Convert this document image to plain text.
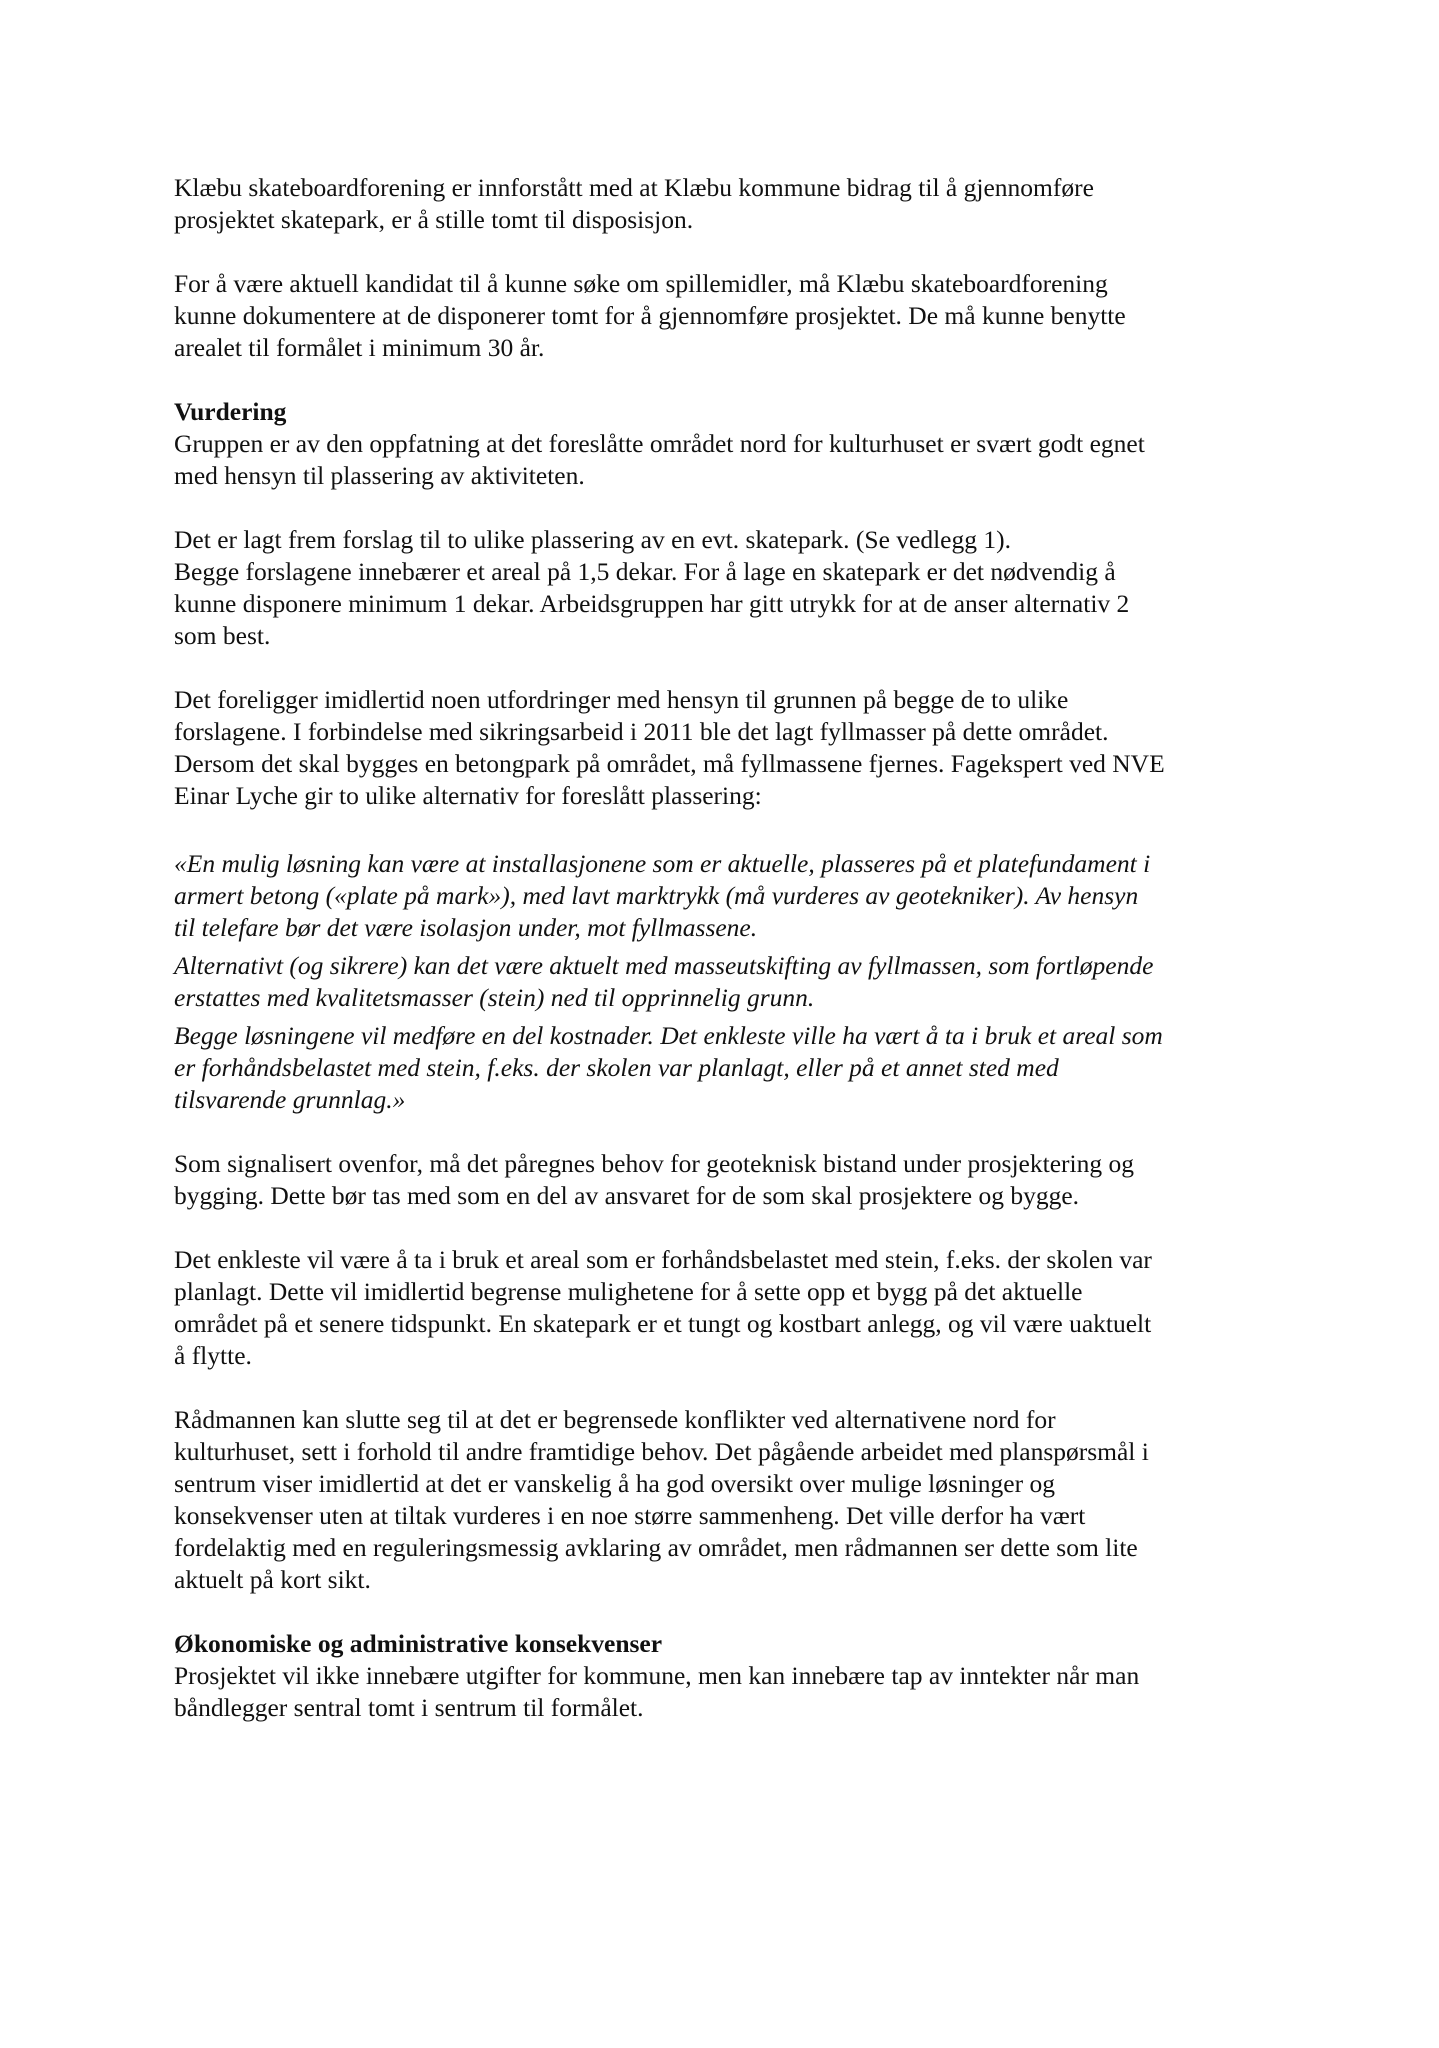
Klæbu skateboardforening er innforstått med at Klæbu kommune bidrag til å gjennomføre
prosjektet skatepark, er å stille tomt til disposisjon.

For å være aktuell kandidat til å kunne søke om spillemidler, må Klæbu skateboardforening
kunne dokumentere at de disponerer tomt for å gjennomføre prosjektet. De må kunne benytte
arealet til formålet i minimum 30 år.

Vurdering

Gruppen er av den oppfatning at det foreslåtte området nord for kulturhuset er svært godt egnet
med hensyn til plassering av aktiviteten.

Det er lagt frem forslag til to ulike plassering av en evt. skatepark. (Se vedlegg 1).
Begge forslagene innebærer et areal på 1,5 dekar. For å lage en skatepark er det nødvendig å
kunne disponere minimum 1 dekar. Arbeidsgruppen har gitt utrykk for at de anser alternativ 2
som best.

Det foreligger imidlertid noen utfordringer med hensyn til grunnen på begge de to ulike
forslagene. I forbindelse med sikringsarbeid i 2011 ble det lagt fyllmasser på dette området.
Dersom det skal bygges en betongpark på området, må fyllmassene fjernes. Fagekspert ved NVE
Einar Lyche gir to ulike alternativ for foreslått plassering:

«En mulig løsning kan være at installasjonene som er aktuelle, plasseres på et platefundament i
armert betong («plate på mark»), med lavt marktrykk (må vurderes av geotekniker). Av hensyn
til telefare bør det være isolasjon under, mot fyllmassene.

Alternativt (og sikrere) kan det være aktuelt med masseutskifting av fyllmassen, som fortløpende
erstattes med kvalitetsmasser (stein) ned til opprinnelig grunn.

Begge løsningene vil medføre en del kostnader. Det enkleste ville ha vært å ta i bruk et areal som
er forhåndsbelastet med stein, f.eks. der skolen var planlagt, eller på et annet sted med
tilsvarende grunnlag.»

Som signalisert ovenfor, må det påregnes behov for geoteknisk bistand under prosjektering og
bygging. Dette bør tas med som en del av ansvaret for de som skal prosjektere og bygge.

Det enkleste vil være å ta i bruk et areal som er forhåndsbelastet med stein, f.eks. der skolen var
planlagt. Dette vil imidlertid begrense mulighetene for å sette opp et bygg på det aktuelle
området på et senere tidspunkt. En skatepark er et tungt og kostbart anlegg, og vil være uaktuelt
å flytte.

Rådmannen kan slutte seg til at det er begrensede konflikter ved alternativene nord for
kulturhuset, sett i forhold til andre framtidige behov. Det pågående arbeidet med planspørsmål i
sentrum viser imidlertid at det er vanskelig å ha god oversikt over mulige løsninger og
konsekvenser uten at tiltak vurderes i en noe større sammenheng. Det ville derfor ha vært
fordelaktig med en reguleringsmessig avklaring av området, men rådmannen ser dette som lite
aktuelt på kort sikt.

Økonomiske og administrative konsekvenser

Prosjektet vil ikke innebære utgifter for kommune, men kan innebære tap av inntekter når man
båndlegger sentral tomt i sentrum til formålet.
